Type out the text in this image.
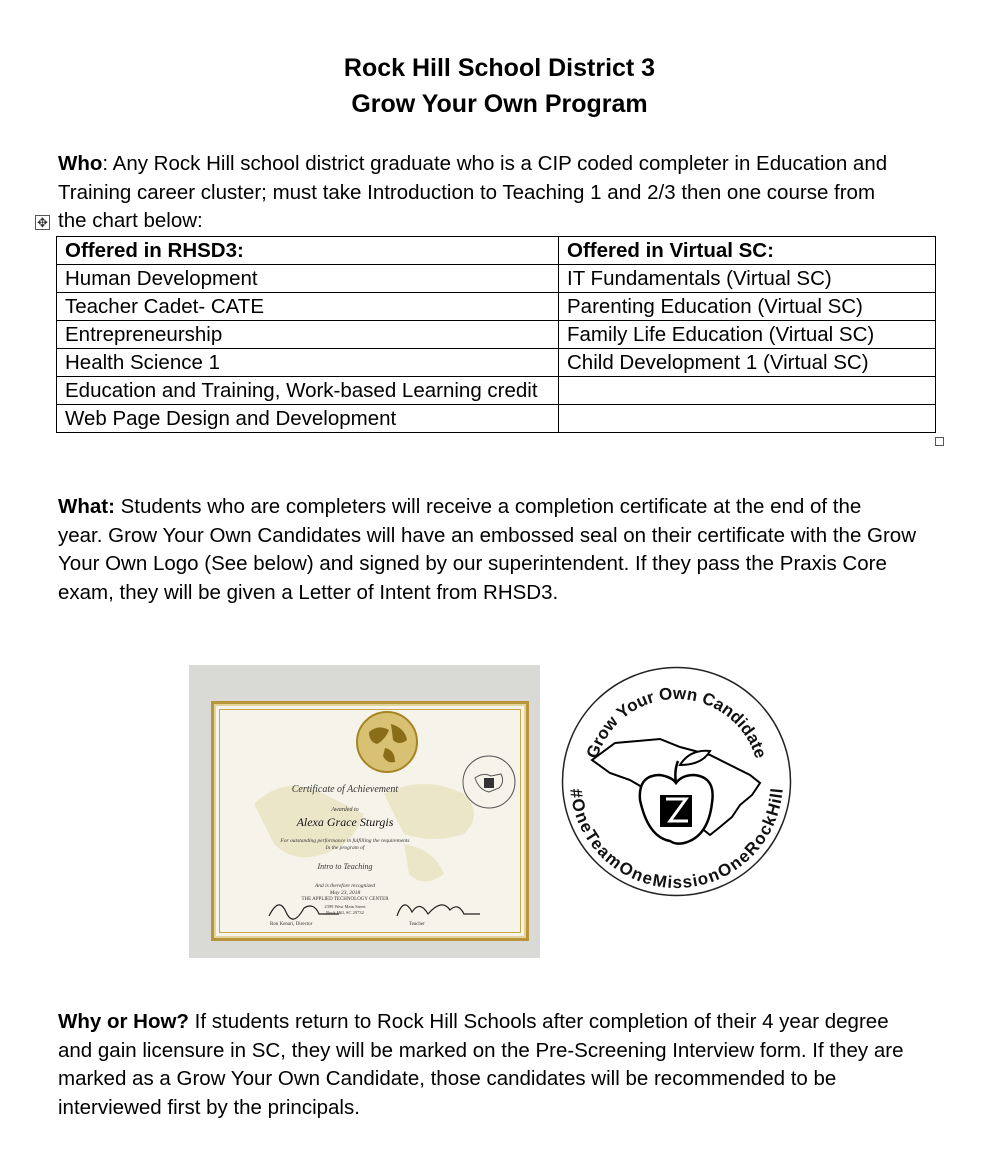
Rock Hill School District 3
Grow Your Own Program
Who: Any Rock Hill school district graduate who is a CIP coded completer in Education and
Training career cluster; must take Introduction to Teaching 1 and 2/3 then one course from
the chart below:
✥
Offered in RHSD3:	Offered in Virtual SC:
Human Development	IT Fundamentals (Virtual SC)
Teacher Cadet- CATE	Parenting Education (Virtual SC)
Entrepreneurship	Family Life Education (Virtual SC)
Health Science 1	Child Development 1 (Virtual SC)
Education and Training, Work-based Learning credit	
Web Page Design and Development	
What: Students who are completers will receive a completion certificate at the end of the
year. Grow Your Own Candidates will have an embossed seal on their certificate with the Grow
Your Own Logo (See below) and signed by our superintendent. If they pass the Praxis Core
exam, they will be given a Letter of Intent from RHSD3.
Certificate of Achievement
Awarded to
Alexa Grace Sturgis
For outstanding performance in fulfilling the requirements
In the program of
Intro to Teaching
And is therefore recognized
May 23, 2018
THE APPLIED TECHNOLOGY CENTER
2399 West Main Street
Rock Hill, SC 29732
Ron Kenari, Director	Teacher
Grow Your Own Candidate
#OneTeamOneMissionOneRockHill
Why or How? If students return to Rock Hill Schools after completion of their 4 year degree
and gain licensure in SC, they will be marked on the Pre-Screening Interview form. If they are
marked as a Grow Your Own Candidate, those candidates will be recommended to be
interviewed first by the principals.
